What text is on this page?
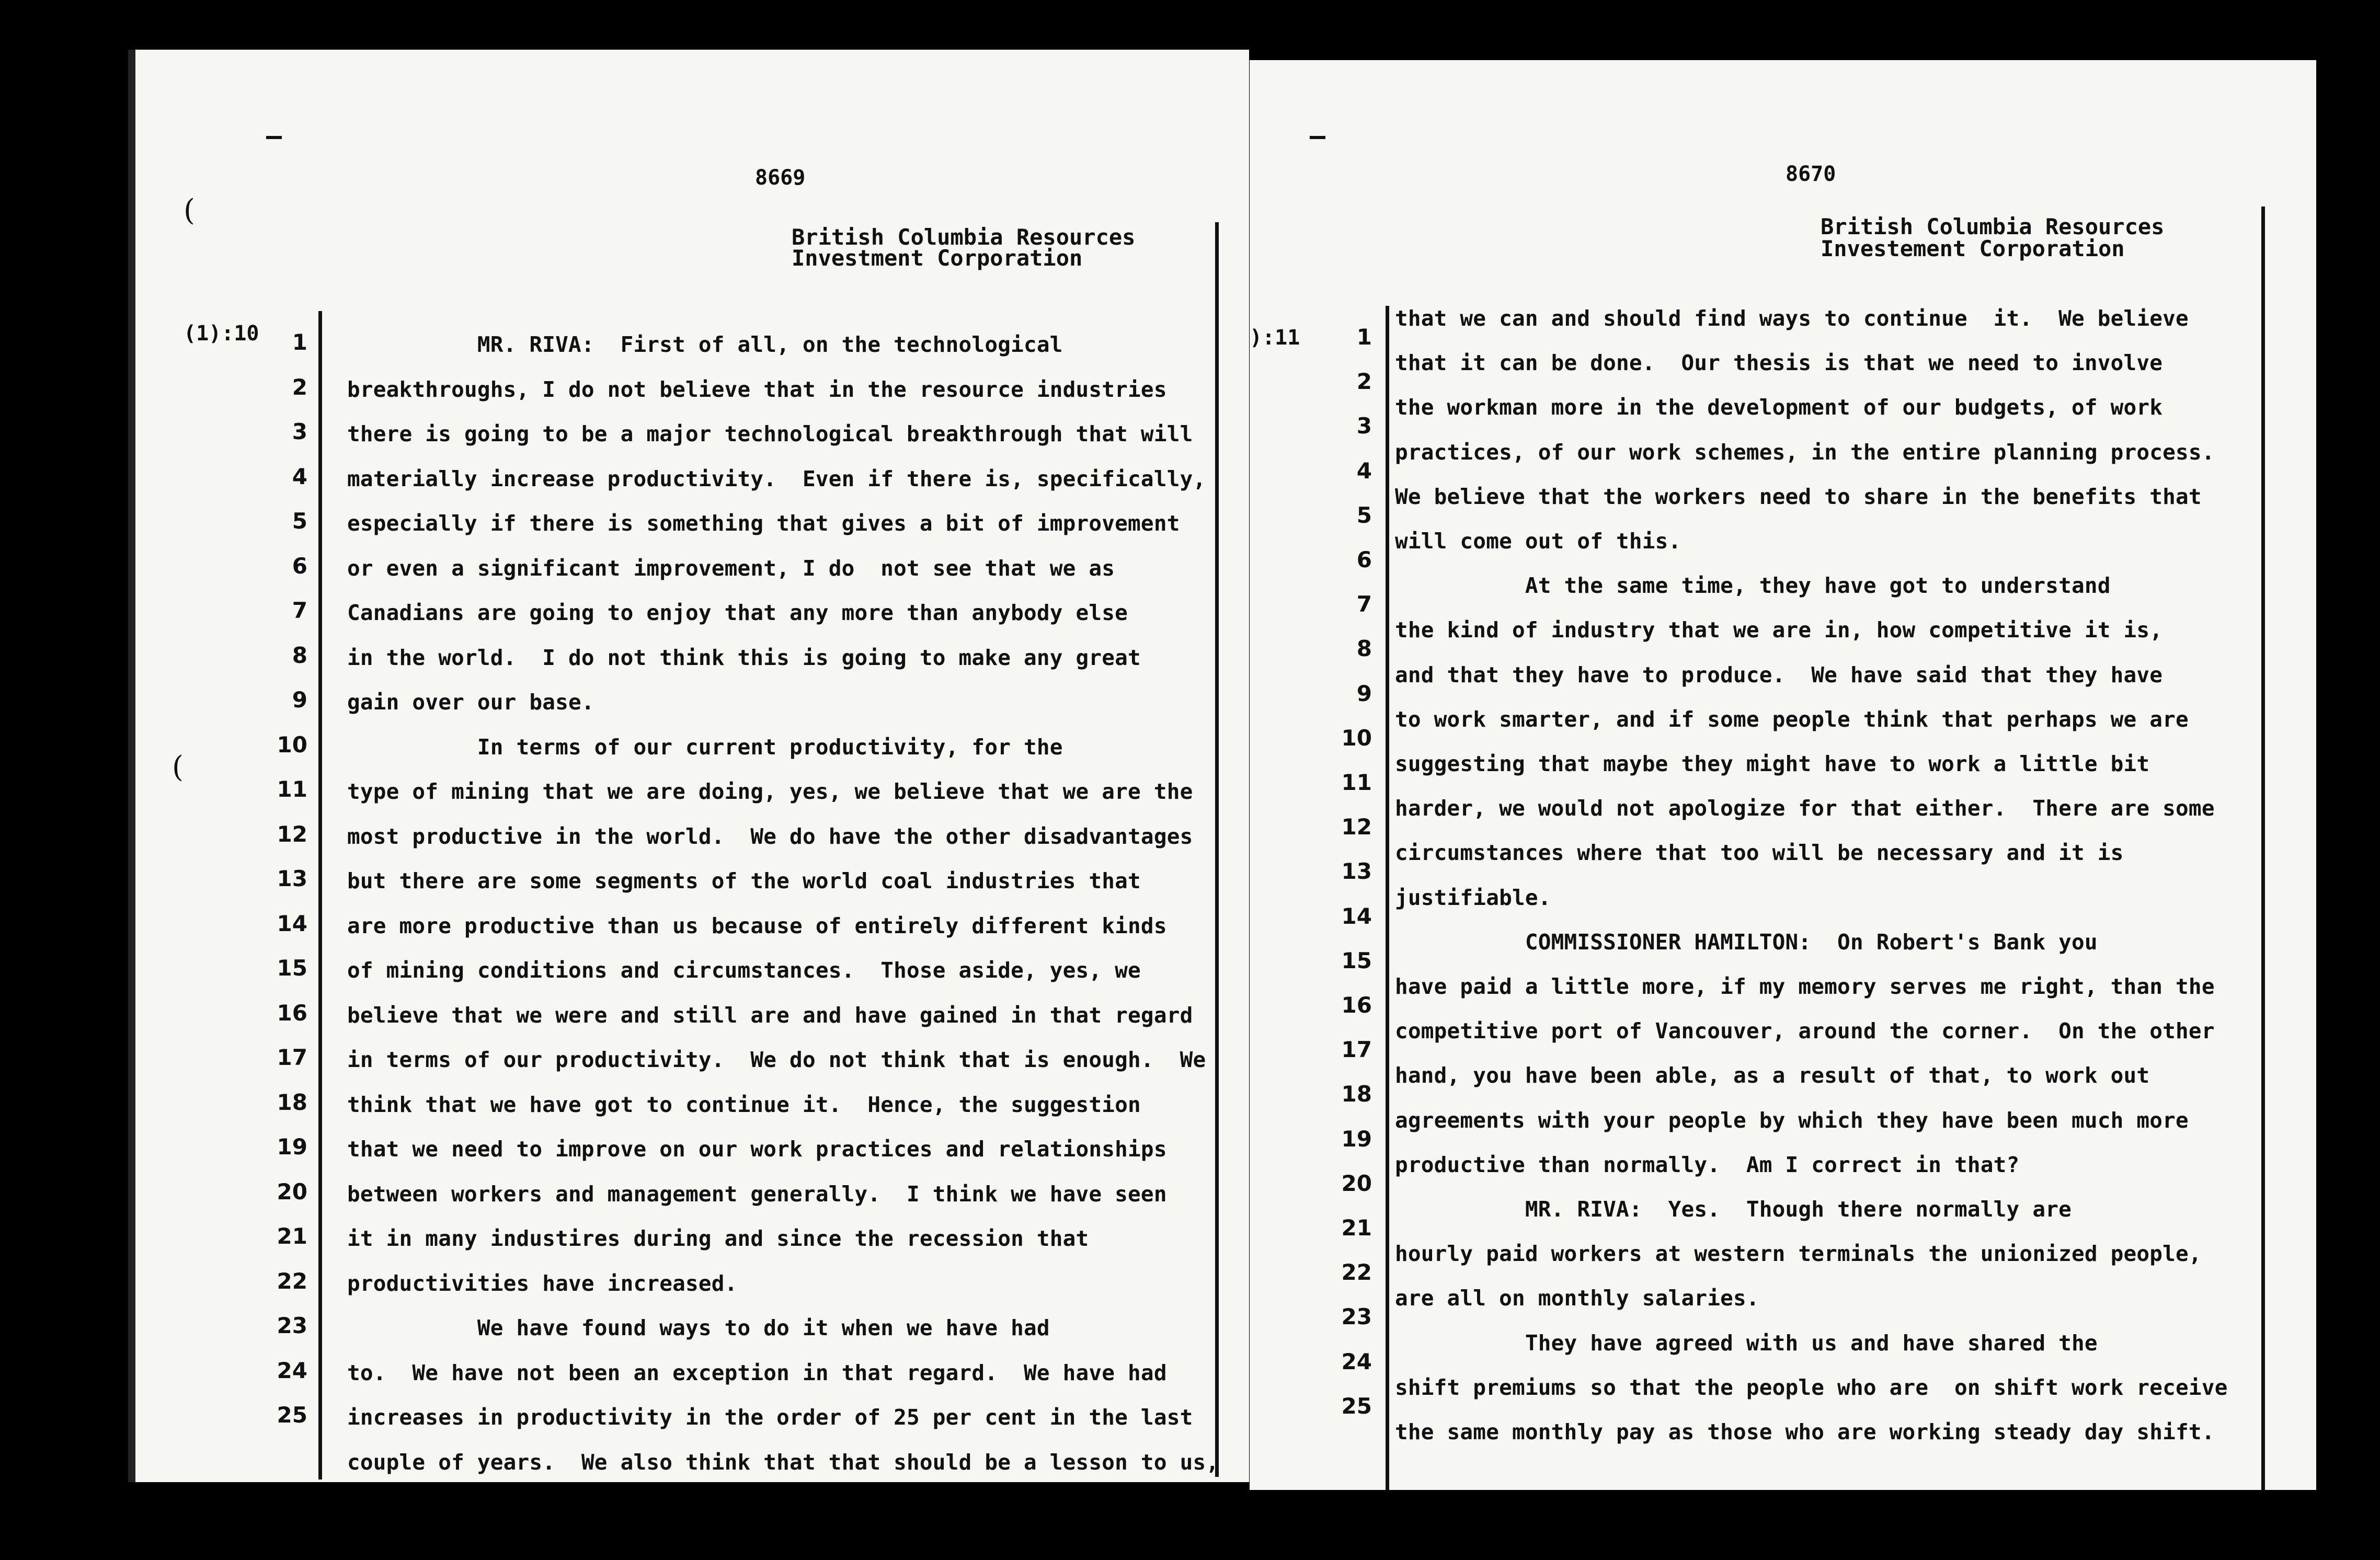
(
(
8669
British Columbia Resources
Investment Corporation
(1):10	1
2
3
4
5
6
7
8
9
10
11
12
13
14
15
16
17
18
19
20
21
22
23
24
25
MR. RIVA:  First of all, on the technological
breakthroughs, I do not believe that in the resource industries
there is going to be a major technological breakthrough that will
materially increase productivity.  Even if there is, specifically,
especially if there is something that gives a bit of improvement
or even a significant improvement, I do  not see that we as
Canadians are going to enjoy that any more than anybody else
in the world.  I do not think this is going to make any great
gain over our base.
In terms of our current productivity, for the
type of mining that we are doing, yes, we believe that we are the
most productive in the world.  We do have the other disadvantages
but there are some segments of the world coal industries that
are more productive than us because of entirely different kinds
of mining conditions and circumstances.  Those aside, yes, we
believe that we were and still are and have gained in that regard
in terms of our productivity.  We do not think that is enough.  We
think that we have got to continue it.  Hence, the suggestion
that we need to improve on our work practices and relationships
between workers and management generally.  I think we have seen
it in many industires during and since the recession that
productivities have increased.
We have found ways to do it when we have had
to.  We have not been an exception in that regard.  We have had
increases in productivity in the order of 25 per cent in the last
couple of years.  We also think that that should be a lesson to us,
8670
British Columbia Resources
Investement Corporation
):11	1
2
3
4
5
6
7
8
9
10
11
12
13
14
15
16
17
18
19
20
21
22
23
24
25
that we can and should find ways to continue  it.  We believe
that it can be done.  Our thesis is that we need to involve
the workman more in the development of our budgets, of work
practices, of our work schemes, in the entire planning process.
We believe that the workers need to share in the benefits that
will come out of this.
At the same time, they have got to understand
the kind of industry that we are in, how competitive it is,
and that they have to produce.  We have said that they have
to work smarter, and if some people think that perhaps we are
suggesting that maybe they might have to work a little bit
harder, we would not apologize for that either.  There are some
circumstances where that too will be necessary and it is
justifiable.
COMMISSIONER HAMILTON:  On Robert's Bank you
have paid a little more, if my memory serves me right, than the
competitive port of Vancouver, around the corner.  On the other
hand, you have been able, as a result of that, to work out
agreements with your people by which they have been much more
productive than normally.  Am I correct in that?
MR. RIVA:  Yes.  Though there normally are
hourly paid workers at western terminals the unionized people,
are all on monthly salaries.
They have agreed with us and have shared the
shift premiums so that the people who are  on shift work receive
the same monthly pay as those who are working steady day shift.
